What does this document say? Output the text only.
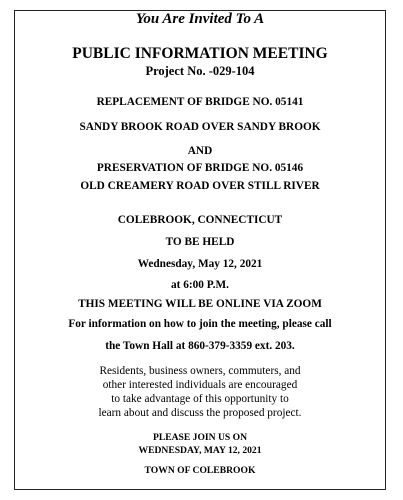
You Are Invited To A
PUBLIC INFORMATION MEETING
Project No. -029-104
REPLACEMENT OF BRIDGE NO. 05141
SANDY BROOK ROAD OVER SANDY BROOK
AND
PRESERVATION OF BRIDGE NO. 05146
OLD CREAMERY ROAD OVER STILL RIVER
COLEBROOK, CONNECTICUT
TO BE HELD
Wednesday, May 12, 2021
at 6:00 P.M.
THIS MEETING WILL BE ONLINE VIA ZOOM
For information on how to join the meeting, please call
the Town Hall at 860-379-3359 ext. 203.
Residents, business owners, commuters, and
other interested individuals are encouraged
to take advantage of this opportunity to
learn about and discuss the proposed project.
PLEASE JOIN US ON
WEDNESDAY, MAY 12, 2021
TOWN OF COLEBROOK
